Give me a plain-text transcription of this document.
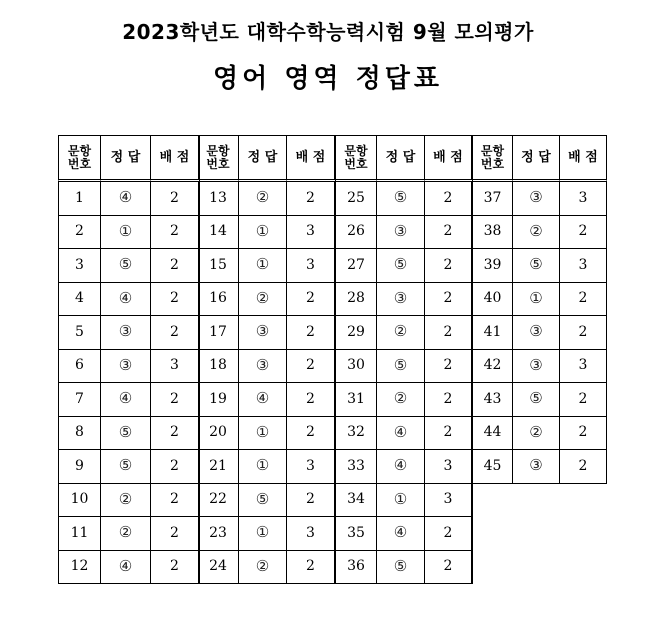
2023학년도 대학수학능력시험 9월 모의평가
영어 영역 정답표
문항
번호	정 답	배 점
1	④	2
2	①	2
3	⑤	2
4	④	2
5	③	2
6	③	3
7	④	2
8	⑤	2
9	⑤	2
10	②	2
11	②	2
12	④	2
문항
번호	정 답	배 점
13	②	2
14	①	3
15	①	3
16	②	2
17	③	2
18	③	2
19	④	2
20	①	2
21	①	3
22	⑤	2
23	①	3
24	②	2
문항
번호	정 답	배 점
25	⑤	2
26	③	2
27	⑤	2
28	③	2
29	②	2
30	⑤	2
31	②	2
32	④	2
33	④	3
34	①	3
35	④	2
36	⑤	2
문항
번호	정 답	배 점
37	③	3
38	②	2
39	⑤	3
40	①	2
41	③	2
42	③	3
43	⑤	2
44	②	2
45	③	2
